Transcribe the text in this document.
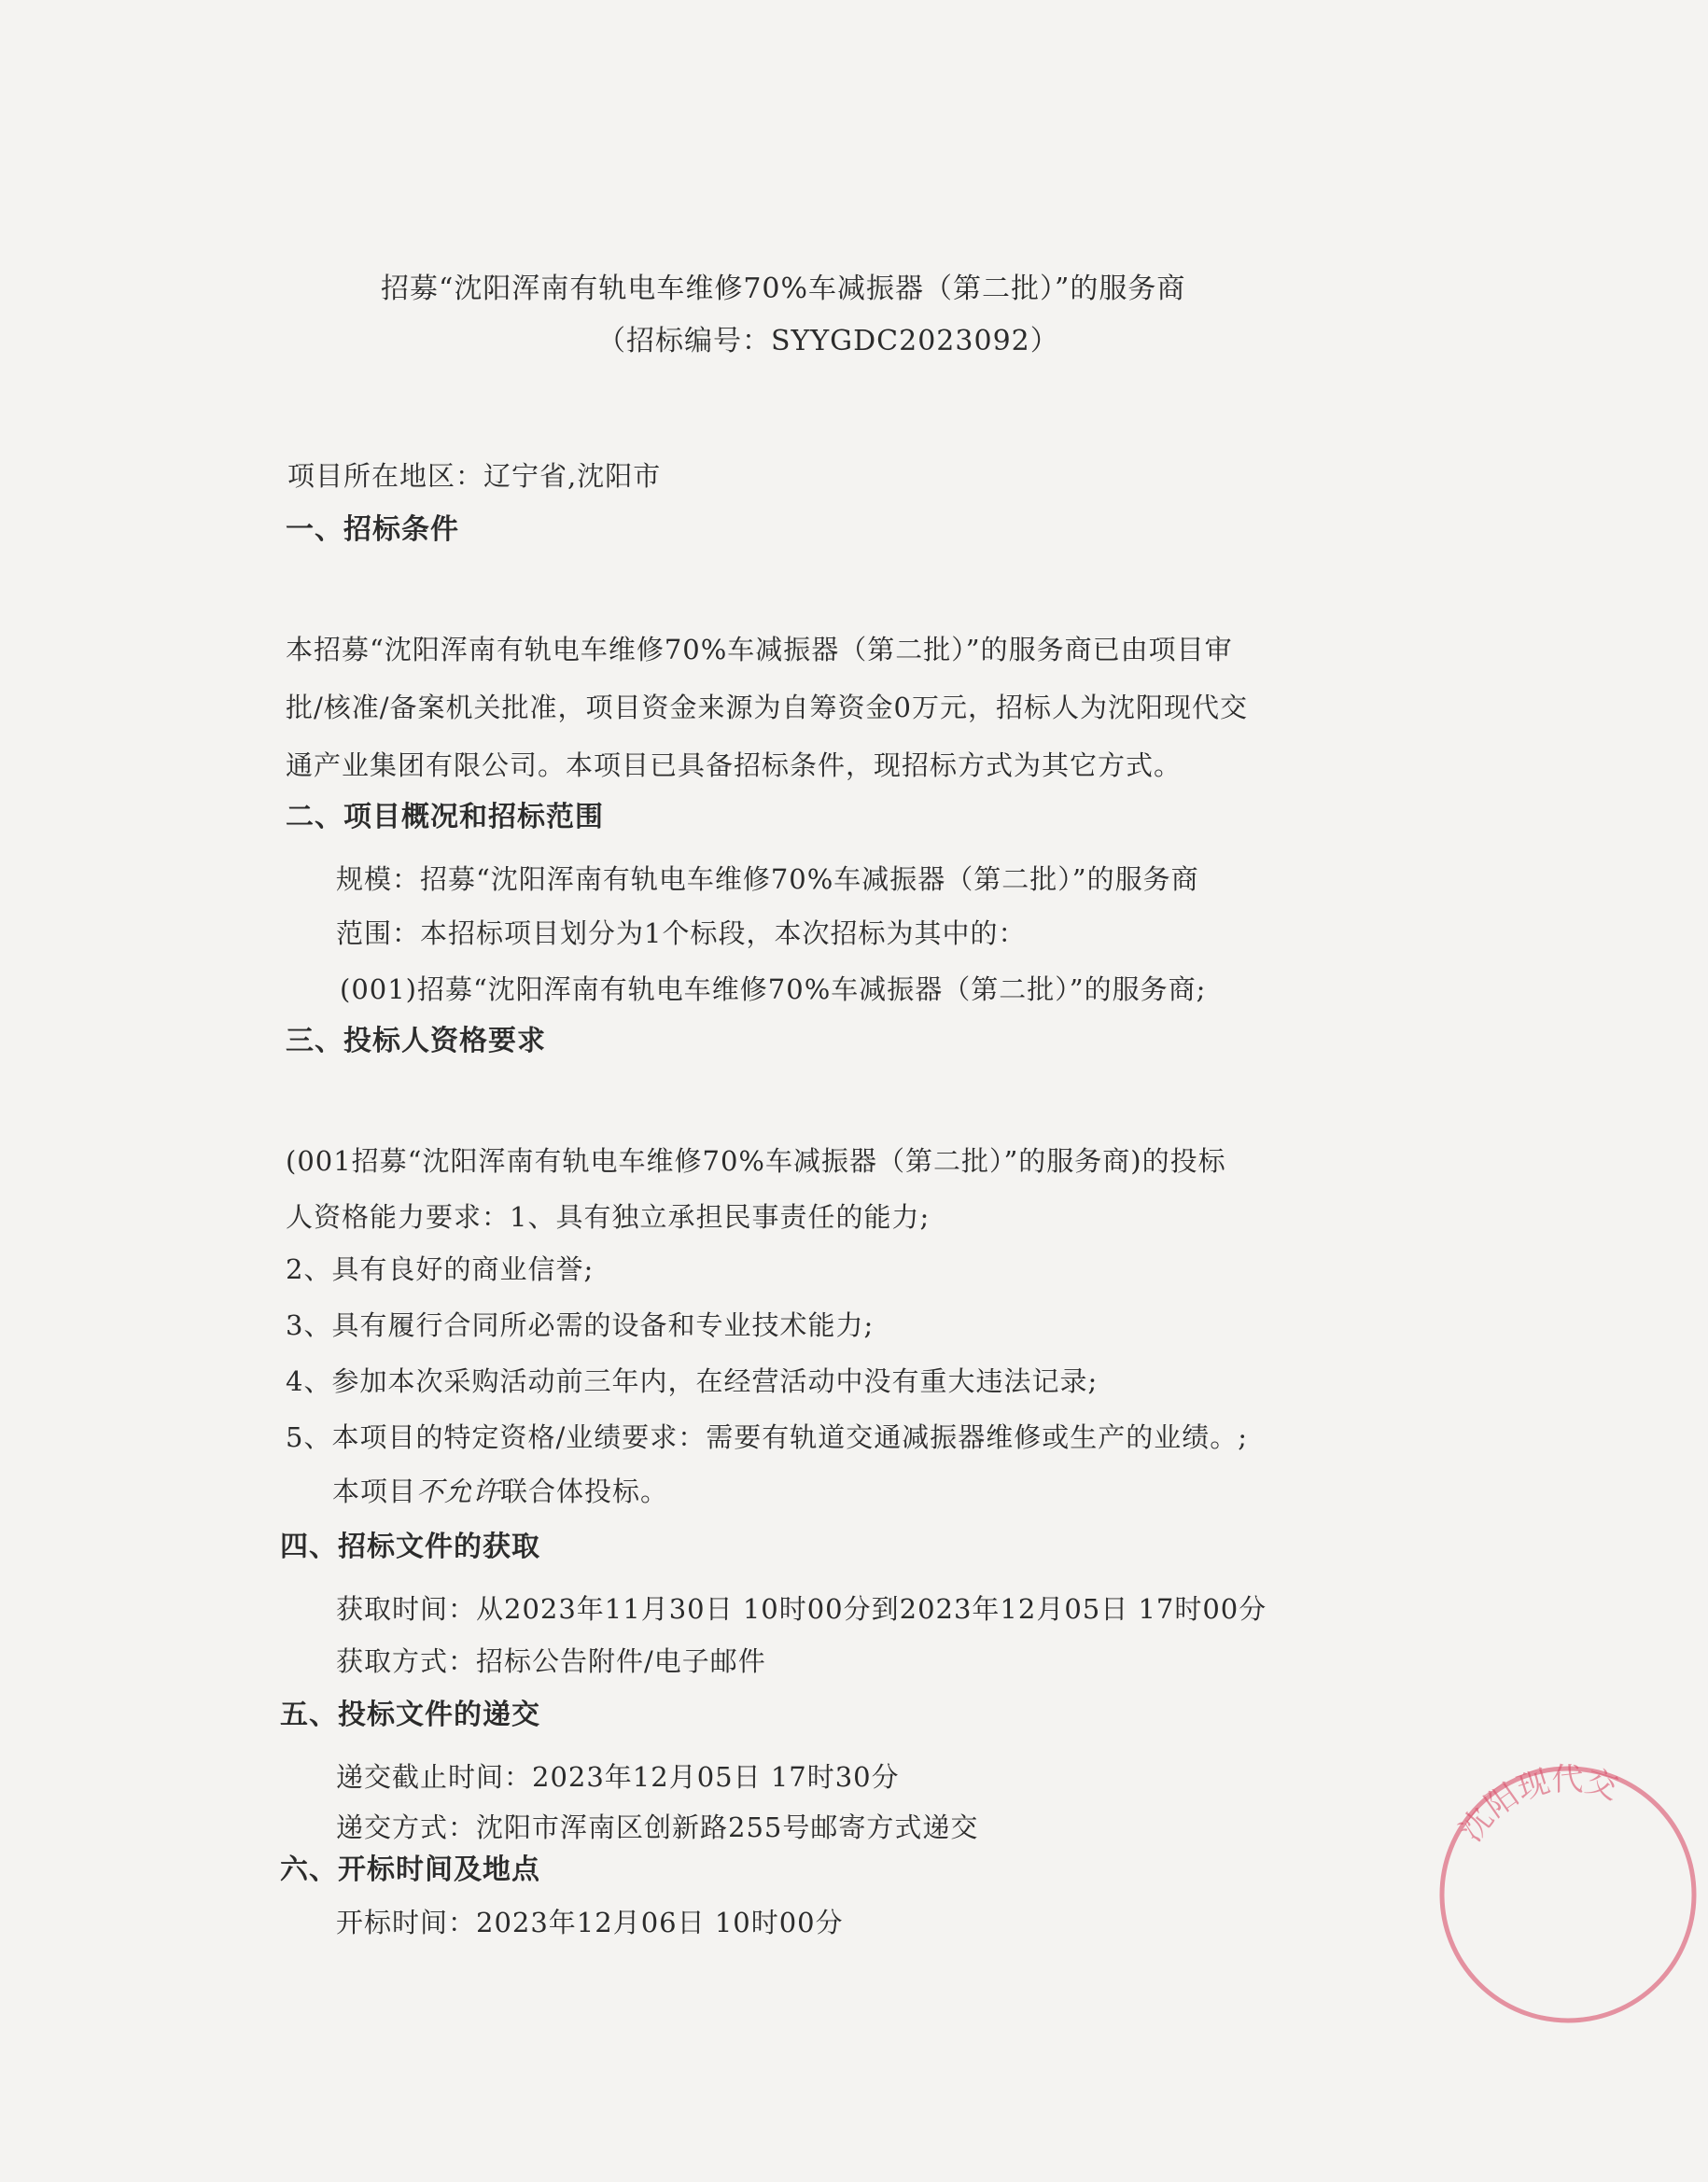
招募“沈阳浑南有轨电车维修70%车减振器（第二批）”的服务商
（招标编号：SYYGDC2023092）
项目所在地区：辽宁省,沈阳市
一、招标条件
本招募“沈阳浑南有轨电车维修70%车减振器（第二批）”的服务商已由项目审
批/核准/备案机关批准，项目资金来源为自筹资金0万元，招标人为沈阳现代交
通产业集团有限公司。本项目已具备招标条件，现招标方式为其它方式。
二、项目概况和招标范围
规模：招募“沈阳浑南有轨电车维修70%车减振器（第二批）”的服务商
范围：本招标项目划分为1个标段，本次招标为其中的：
(001)招募“沈阳浑南有轨电车维修70%车减振器（第二批）”的服务商;
三、投标人资格要求
(001招募“沈阳浑南有轨电车维修70%车减振器（第二批）”的服务商)的投标
人资格能力要求：1、具有独立承担民事责任的能力;
2、具有良好的商业信誉;
3、具有履行合同所必需的设备和专业技术能力;
4、参加本次采购活动前三年内，在经营活动中没有重大违法记录;
5、本项目的特定资格/业绩要求：需要有轨道交通减振器维修或生产的业绩。;
本项目不允许联合体投标。
四、招标文件的获取
获取时间：从2023年11月30日 10时00分到2023年12月05日 17时00分
获取方式：招标公告附件/电子邮件
五、投标文件的递交
递交截止时间：2023年12月05日 17时30分
递交方式：沈阳市浑南区创新路255号邮寄方式递交
六、开标时间及地点
开标时间：2023年12月06日 10时00分
沈阳现代交
